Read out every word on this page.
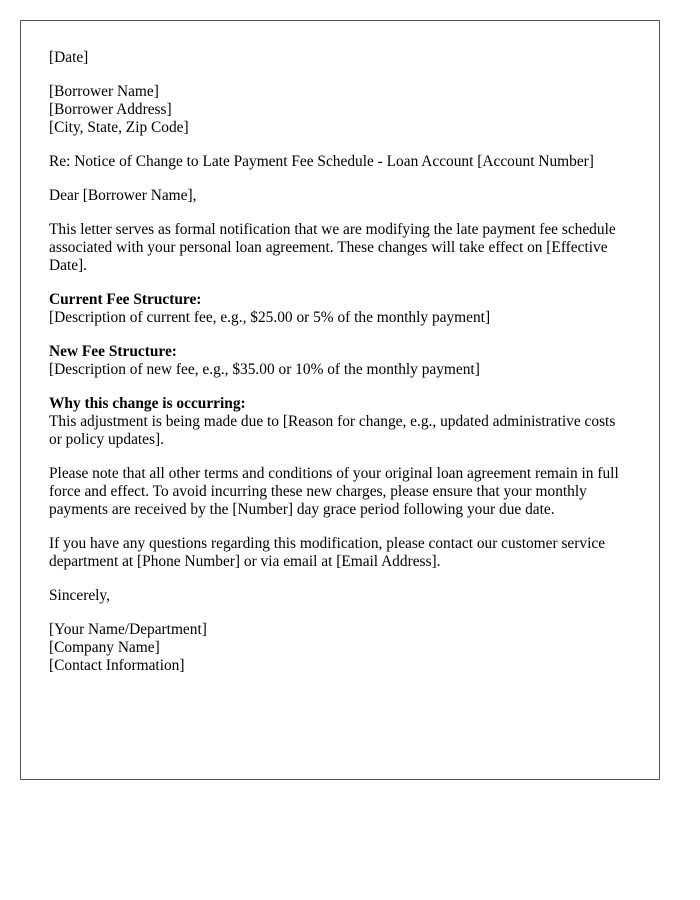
[Date]
[Borrower Name]
[Borrower Address]
[City, State, Zip Code]
Re: Notice of Change to Late Payment Fee Schedule - Loan Account [Account Number]
Dear [Borrower Name],
This letter serves as formal notification that we are modifying the late payment fee schedule associated with your personal loan agreement. These changes will take effect on [Effective Date].
Current Fee Structure:
[Description of current fee, e.g., $25.00 or 5% of the monthly payment]
New Fee Structure:
[Description of new fee, e.g., $35.00 or 10% of the monthly payment]
Why this change is occurring:
This adjustment is being made due to [Reason for change, e.g., updated administrative costs or policy updates].
Please note that all other terms and conditions of your original loan agreement remain in full force and effect. To avoid incurring these new charges, please ensure that your monthly payments are received by the [Number] day grace period following your due date.
If you have any questions regarding this modification, please contact our customer service department at [Phone Number] or via email at [Email Address].
Sincerely,
[Your Name/Department]
[Company Name]
[Contact Information]
